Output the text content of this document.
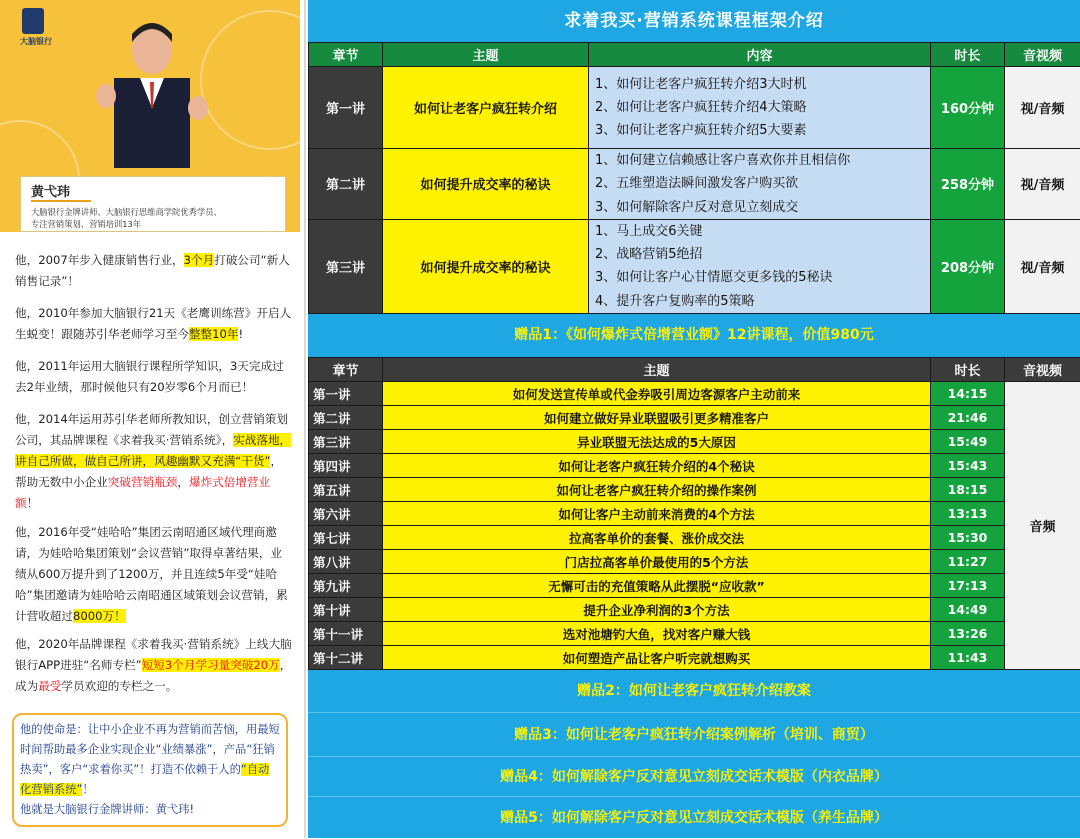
大脑银行
黄弋玮
大脑银行金牌讲师、大脑银行思维商学院优秀学员、
专注营销策划、营销培训13年
他，2007年步入健康销售行业，3个月打破公司“新人销售记录”！
他，2010年参加大脑银行21天《老鹰训练营》开启人生蜕变！跟随苏引华老师学习至今整整10年!
他，2011年运用大脑银行课程所学知识，3天完成过去2年业绩，那时候他只有20岁零6个月而已！
他，2014年运用苏引华老师所教知识，创立营销策划公司，其品牌课程《求着我买·营销系统》，实战落地，讲自己所做，做自己所讲，风趣幽默又充满“干货”，帮助无数中小企业突破营销瓶颈，爆炸式倍增营业额！
他，2016年受“娃哈哈”集团云南昭通区域代理商邀请，为娃哈哈集团策划“会议营销”取得卓著结果，业绩从600万提升到了1200万，并且连续5年受“娃哈哈”集团邀请为娃哈哈云南昭通区域策划会议营销，累计营收超过8000万！
他，2020年品牌课程《求着我买·营销系统》上线大脑银行APP进驻“名师专栏”短短3个月学习量突破20万，成为最受学员欢迎的专栏之一。
他的使命是：让中小企业不再为营销而苦恼，用最短时间帮助最多企业实现企业“业绩暴涨”，产品“狂销热卖”，客户“求着你买”！打造不依赖于人的“自动化营销系统”！
他就是大脑银行金牌讲师：黄弋玮!
求着我买·营销系统课程框架介绍
章节	主题	内容	时长	音视频
第一讲	如何让老客户疯狂转介绍	1、如何让老客户疯狂转介绍3大时机
2、如何让老客户疯狂转介绍4大策略
3、如何让老客户疯狂转介绍5大要素	160分钟	视/音频
第二讲	如何提升成交率的秘诀	1、如何建立信赖感让客户喜欢你并且相信你
2、五维塑造法瞬间激发客户购买欲
3、如何解除客户反对意见立刻成交	258分钟	视/音频
第三讲	如何提升成交率的秘诀	1、马上成交6关键
2、战略营销5绝招
3、如何让客户心甘情愿交更多钱的5秘诀
4、提升客户复购率的5策略	208分钟	视/音频
赠品1：《如何爆炸式倍增营业额》12讲课程，价值980元
章节	主题	时长	音视频
第一讲	如何发送宣传单或代金券吸引周边客源客户主动前来	14:15	音频
第二讲	如何建立做好异业联盟吸引更多精准客户	21:46	
第三讲	异业联盟无法达成的5大原因	15:49	
第四讲	如何让老客户疯狂转介绍的4个秘诀	15:43	
第五讲	如何让老客户疯狂转介绍的操作案例	18:15	
第六讲	如何让客户主动前来消费的4个方法	13:13	
第七讲	拉高客单价的套餐、涨价成交法	15:30	
第八讲	门店拉高客单价最使用的5个方法	11:27	
第九讲	无懈可击的充值策略从此摆脱“应收款”	17:13	
第十讲	提升企业净利润的3个方法	14:49	
第十一讲	选对池塘钓大鱼，找对客户赚大钱	13:26	
第十二讲	如何塑造产品让客户听完就想购买	11:43	
赠品2：如何让老客户疯狂转介绍教案
赠品3：如何让老客户疯狂转介绍案例解析（培训、商贸）
赠品4：如何解除客户反对意见立刻成交话术模版（内衣品牌）
赠品5：如何解除客户反对意见立刻成交话术模版（养生品牌）
